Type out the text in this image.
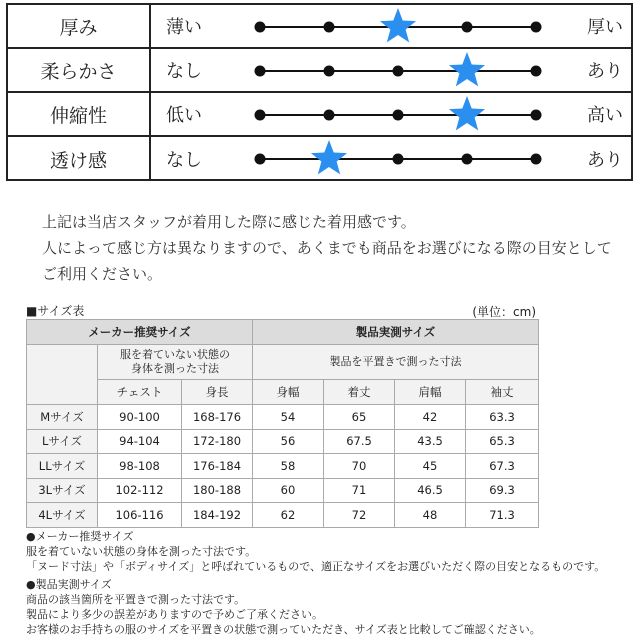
厚み	薄い	厚い
柔らかさ	なし	あり
伸縮性	低い	高い
透け感	なし	あり
上記は当店スタッフが着用した際に感じた着用感です。
人によって感じ方は異なりますので、あくまでも商品をお選びになる際の目安として
ご利用ください。
■サイズ表	(単位：cm)
メーカー推奨サイズ			製品実測サイズ			
	服を着ていない状態の
身体を測った寸法		製品を平置きで測った寸法			
	チェスト	身長	身幅	着丈	肩幅	袖丈
Mサイズ	90-100	168-176	54	65	42	63.3
Lサイズ	94-104	172-180	56	67.5	43.5	65.3
LLサイズ	98-108	176-184	58	70	45	67.3
3Lサイズ	102-112	180-188	60	71	46.5	69.3
4Lサイズ	106-116	184-192	62	72	48	71.3
●メーカー推奨サイズ
服を着ていない状態の身体を測った寸法です。
「ヌード寸法」や「ボディサイズ」と呼ばれているもので、適正なサイズをお選びいただく際の目安となるものです。
●製品実測サイズ
商品の該当箇所を平置きで測った寸法です。
製品により多少の誤差がありますので予めご了承ください。
お客様のお手持ちの服のサイズを平置きの状態で測っていただき、サイズ表と比較してご確認ください。
